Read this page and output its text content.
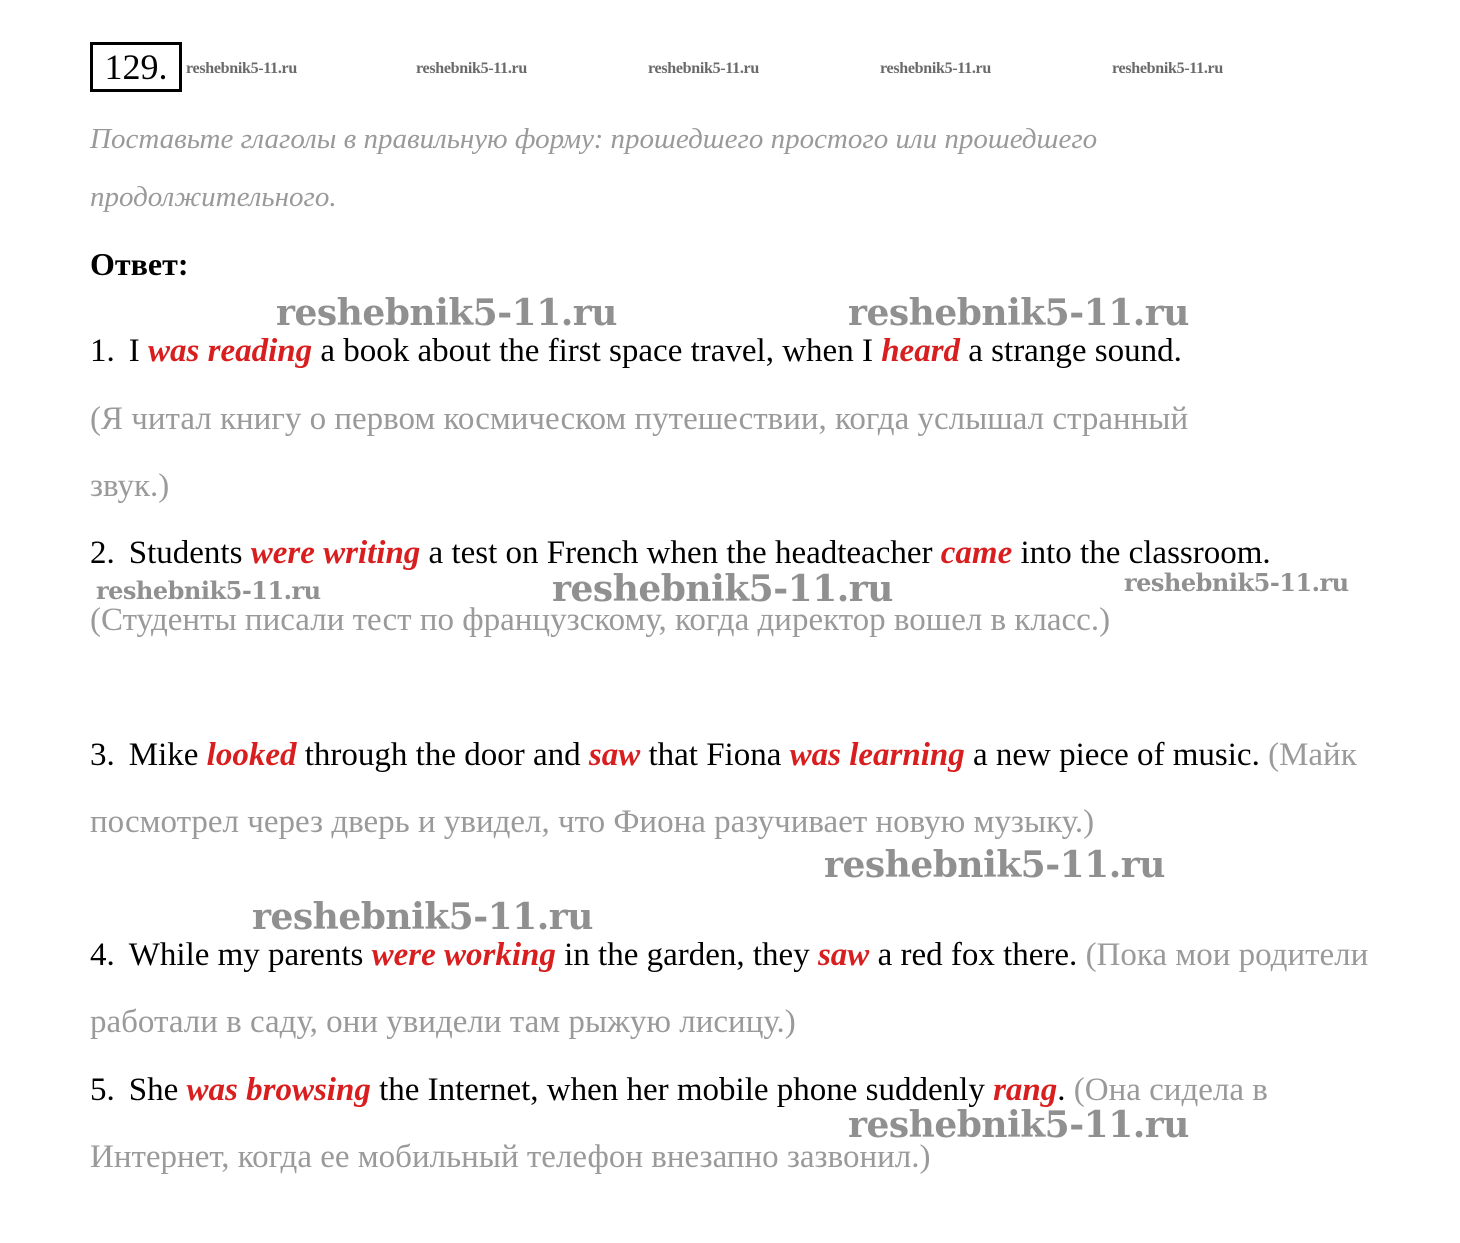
129.	reshebnik5-11.ru	reshebnik5-11.ru	reshebnik5-11.ru	reshebnik5-11.ru	reshebnik5-11.ru
Поставьте глаголы в правильную форму: прошедшего простого или прошедшего продолжительного.
Ответ:
1. I was reading a book about the first space travel, when I heard a strange sound.
(Я читал книгу о первом космическом путешествии, когда услышал странный звук.)
2. Students were writing a test on French when the headteacher came into the classroom. (Студенты писали тест по французскому, когда директор вошел в класс.)
3. Mike looked through the door and saw that Fiona was learning a new piece of music. (Майк посмотрел через дверь и увидел, что Фиона разучивает новую музыку.)
4. While my parents were working in the garden, they saw a red fox there. (Пока мои родители работали в саду, они увидели там рыжую лисицу.)
5. She was browsing the Internet, when her mobile phone suddenly rang. (Она сидела в Интернет, когда ее мобильный телефон внезапно зазвонил.)
reshebnik5-11.ru	reshebnik5-11.ru
reshebnik5-11.ru	reshebnik5-11.ru	reshebnik5-11.ru
reshebnik5-11.ru
reshebnik5-11.ru
reshebnik5-11.ru
